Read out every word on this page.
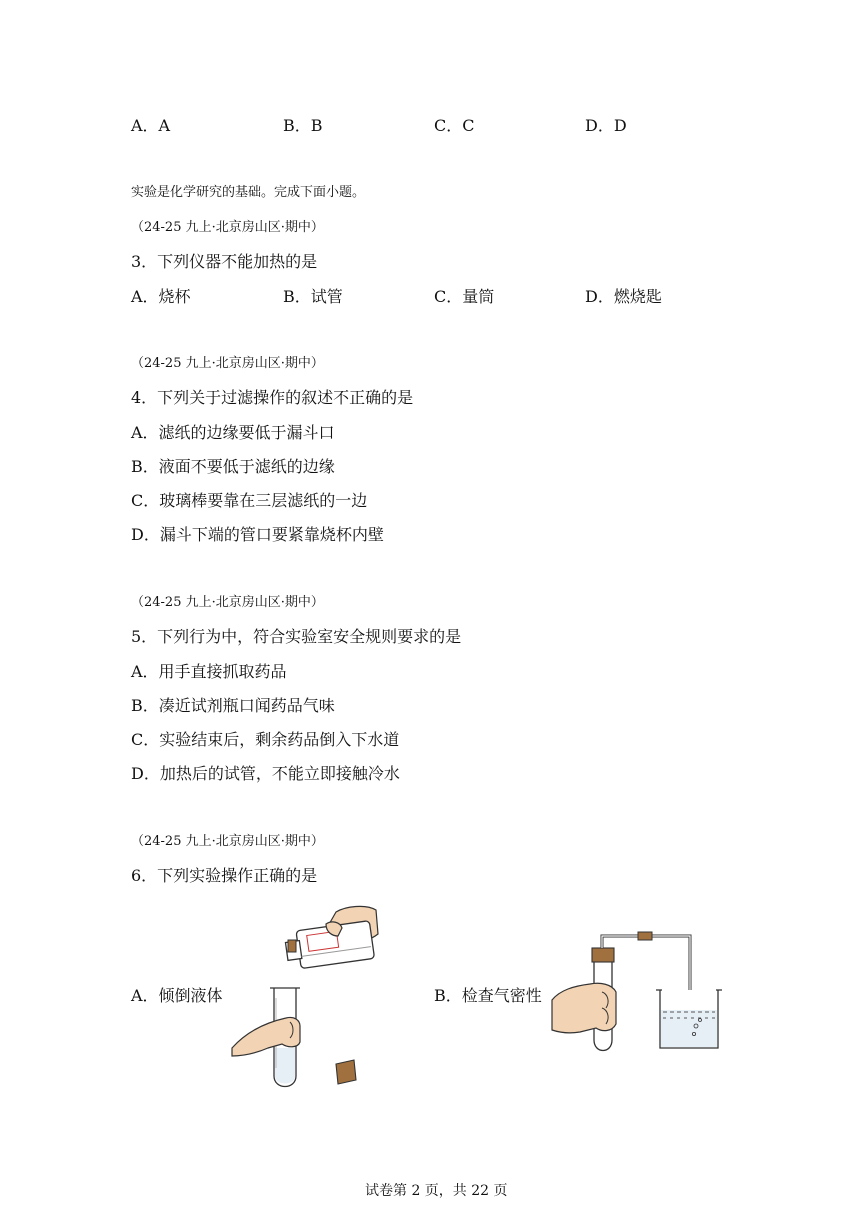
A．A	B．B	C．C	D．D
实验是化学研究的基础。完成下面小题。
（24-25 九上·北京房山区·期中）
3．下列仪器不能加热的是
A．烧杯	B．试管	C．量筒	D．燃烧匙
（24-25 九上·北京房山区·期中）
4．下列关于过滤操作的叙述不正确的是
A．滤纸的边缘要低于漏斗口
B．液面不要低于滤纸的边缘
C．玻璃棒要靠在三层滤纸的一边
D．漏斗下端的管口要紧靠烧杯内壁
（24-25 九上·北京房山区·期中）
5．下列行为中，符合实验室安全规则要求的是
A．用手直接抓取药品
B．凑近试剂瓶口闻药品气味
C．实验结束后，剩余药品倒入下水道
D．加热后的试管，不能立即接触冷水
（24-25 九上·北京房山区·期中）
6．下列实验操作正确的是
A．倾倒液体	B．检查气密性
试卷第 2 页，共 22 页
